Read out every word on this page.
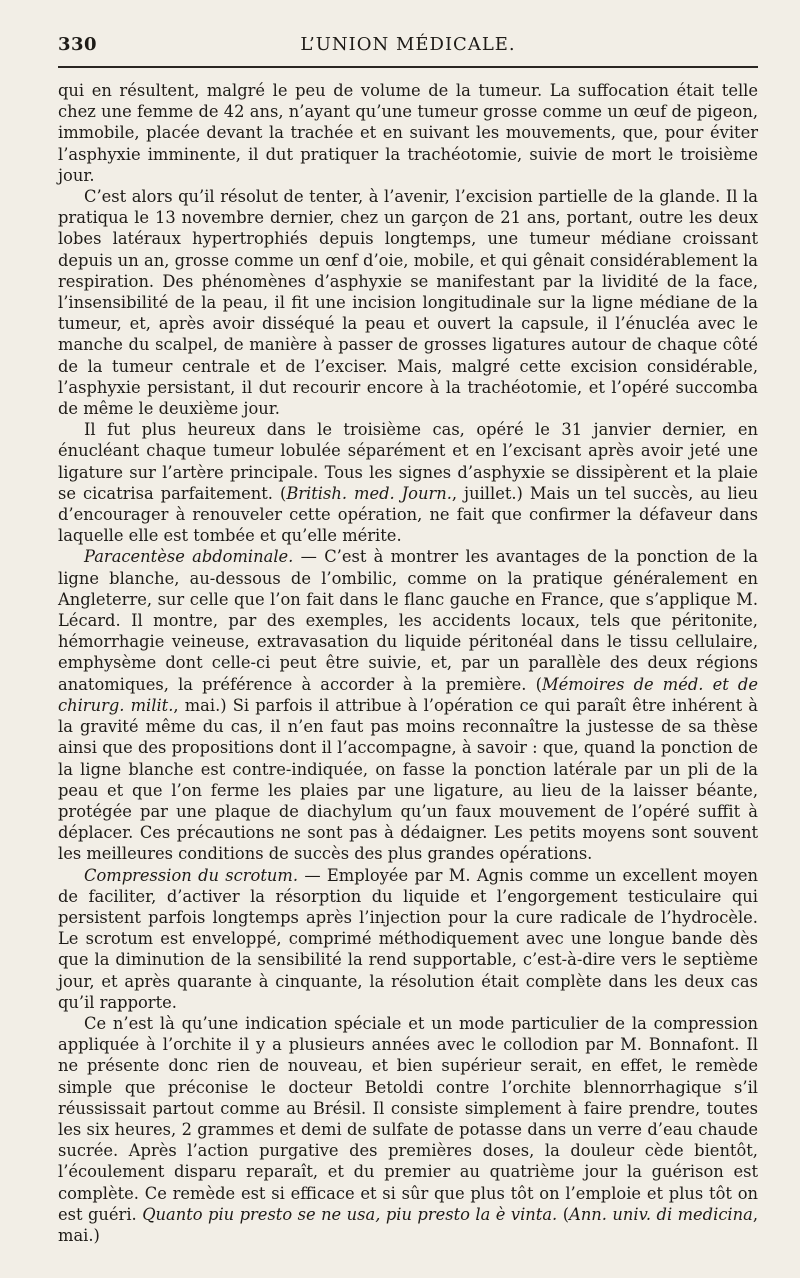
330	L’UNION MÉDICALE.

qui en résultent, malgré le peu de volume de la tumeur. La suffocation était telle chez une femme de 42 ans, n’ayant qu’une tumeur grosse comme un œuf de pigeon, immobile, placée devant la trachée et en suivant les mouvements, que, pour éviter l’asphyxie imminente, il dut pratiquer la trachéotomie, suivie de mort le troisième jour.

C’est alors qu’il résolut de tenter, à l’avenir, l’excision partielle de la glande. Il la pratiqua le 13 novembre dernier, chez un garçon de 21 ans, portant, outre les deux lobes latéraux hypertrophiés depuis longtemps, une tumeur médiane croissant depuis un an, grosse comme un œnf d’oie, mobile, et qui gênait considérablement la respiration. Des phénomènes d’asphyxie se manifestant par la lividité de la face, l’insensibilité de la peau, il fit une incision longitudinale sur la ligne médiane de la tumeur, et, après avoir disséqué la peau et ouvert la capsule, il l’énucléa avec le manche du scalpel, de manière à passer de grosses ligatures autour de chaque côté de la tumeur centrale et de l’exciser. Mais, malgré cette excision considérable, l’asphyxie persistant, il dut recourir encore à la trachéotomie, et l’opéré succomba de même le deuxième jour.

Il fut plus heureux dans le troisième cas, opéré le 31 janvier dernier, en énucléant chaque tumeur lobulée séparément et en l’excisant après avoir jeté une ligature sur l’artère principale. Tous les signes d’asphyxie se dissipèrent et la plaie se cicatrisa parfaitement. (British. med. Journ., juillet.) Mais un tel succès, au lieu d’encourager à renouveler cette opération, ne fait que confirmer la défaveur dans laquelle elle est tombée et qu’elle mérite.

Paracentèse abdominale. — C’est à montrer les avantages de la ponction de la ligne blanche, au-dessous de l’ombilic, comme on la pratique généralement en Angleterre, sur celle que l’on fait dans le flanc gauche en France, que s’applique M. Lécard. Il montre, par des exemples, les accidents locaux, tels que péritonite, hémorrhagie veineuse, extravasation du liquide péritonéal dans le tissu cellulaire, emphysème dont celle-ci peut être suivie, et, par un parallèle des deux régions anatomiques, la préférence à accorder à la première. (Mémoires de méd. et de chirurg. milit., mai.) Si parfois il attribue à l’opération ce qui paraît être inhérent à la gravité même du cas, il n’en faut pas moins reconnaître la justesse de sa thèse ainsi que des propositions dont il l’accompagne, à savoir : que, quand la ponction de la ligne blanche est contre-indiquée, on fasse la ponction latérale par un pli de la peau et que l’on ferme les plaies par une ligature, au lieu de la laisser béante, protégée par une plaque de diachylum qu’un faux mouvement de l’opéré suffit à déplacer. Ces précautions ne sont pas à dédaigner. Les petits moyens sont souvent les meilleures conditions de succès des plus grandes opérations.

Compression du scrotum. — Employée par M. Agnis comme un excellent moyen de faciliter, d’activer la résorption du liquide et l’engorgement testiculaire qui persistent parfois longtemps après l’injection pour la cure radicale de l’hydrocèle. Le scrotum est enveloppé, comprimé méthodiquement avec une longue bande dès que la diminution de la sensibilité la rend supportable, c’est-à-dire vers le septième jour, et après quarante à cinquante, la résolution était complète dans les deux cas qu’il rapporte.

Ce n’est là qu’une indication spéciale et un mode particulier de la compression appliquée à l’orchite il y a plusieurs années avec le collodion par M. Bonnafont. Il ne présente donc rien de nouveau, et bien supérieur serait, en effet, le remède simple que préconise le docteur Betoldi contre l’orchite blennorrhagique s’il réussissait partout comme au Brésil. Il consiste simplement à faire prendre, toutes les six heures, 2 grammes et demi de sulfate de potasse dans un verre d’eau chaude sucrée. Après l’action purgative des premières doses, la douleur cède bientôt, l’écoulement disparu reparaît, et du premier au quatrième jour la guérison est complète. Ce remède est si efficace et si sûr que plus tôt on l’emploie et plus tôt on est guéri. Quanto piu presto se ne usa, piu presto la è vinta. (Ann. univ. di medicina, mai.)
